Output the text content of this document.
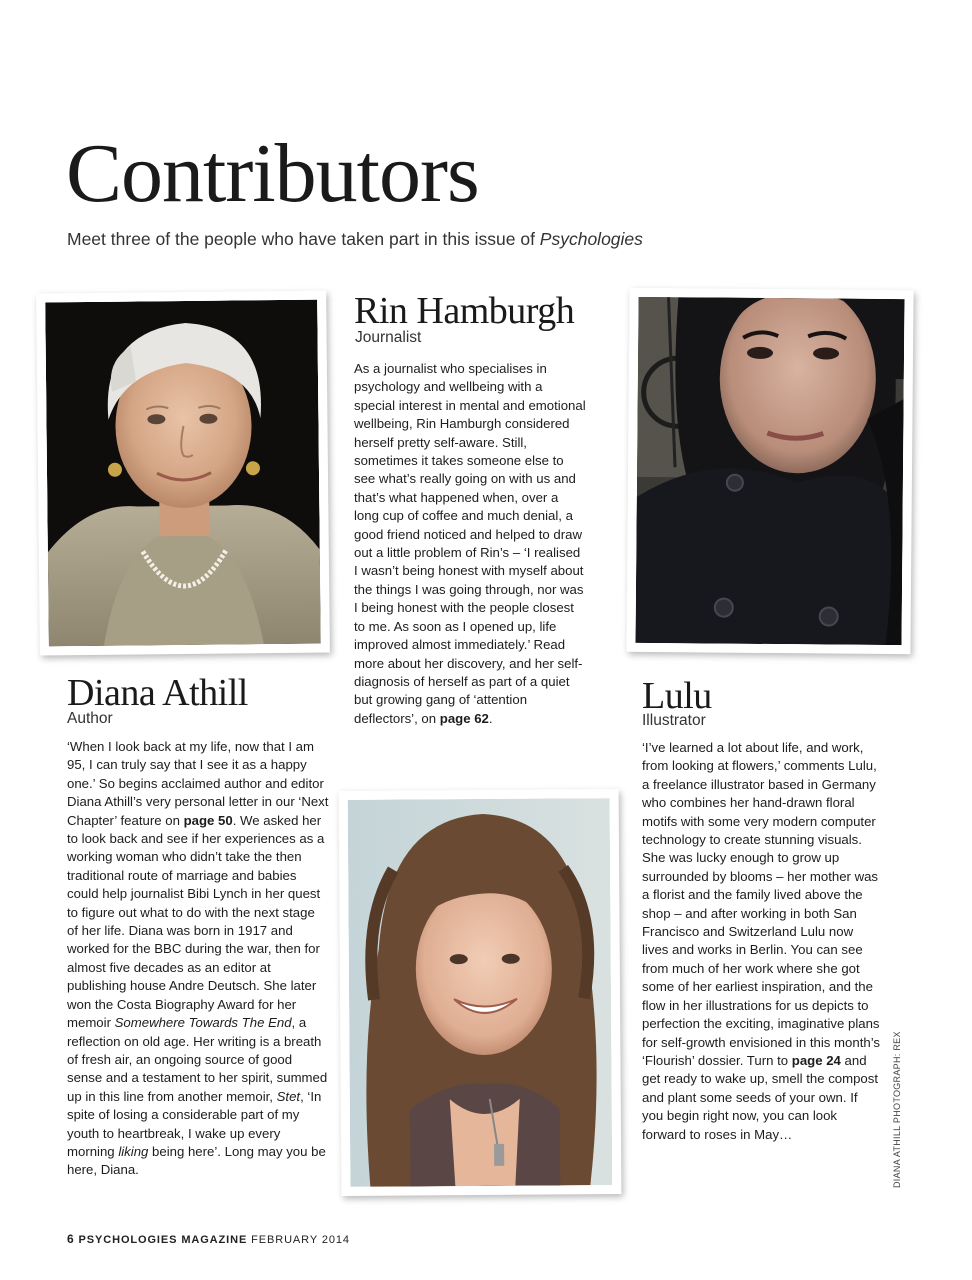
Contributors

Meet three of the people who have taken part in this issue of Psychologies

Rin Hamburgh

Journalist

As a journalist who specialises in psychology and wellbeing with a special interest in mental and emotional wellbeing, Rin Hamburgh considered herself pretty self-aware. Still, sometimes it takes someone else to see what’s really going on with us and that’s what happened when, over a long cup of coffee and much denial, a good friend noticed and helped to draw out a little problem of Rin’s – ‘I realised I wasn’t being honest with myself about the things I was going through, nor was I being honest with the people closest to me. As soon as I opened up, life improved almost immediately.’ Read more about her discovery, and her self-diagnosis of herself as part of a quiet but growing gang of ‘attention deflectors’, on page 62.

Diana Athill

Author

‘When I look back at my life, now that I am 95, I can truly say that I see it as a happy one.’ So begins acclaimed author and editor Diana Athill’s very personal letter in our ‘Next Chapter’ feature on page 50. We asked her to look back and see if her experiences as a working woman who didn’t take the then traditional route of marriage and babies could help journalist Bibi Lynch in her quest to figure out what to do with the next stage of her life. Diana was born in 1917 and worked for the BBC during the war, then for almost five decades as an editor at publishing house Andre Deutsch. She later won the Costa Biography Award for her memoir Somewhere Towards The End, a reflection on old age. Her writing is a breath of fresh air, an ongoing source of good sense and a testament to her spirit, summed up in this line from another memoir, Stet, ‘In spite of losing a considerable part of my youth to heartbreak, I wake up every morning liking being here’. Long may you be here, Diana.

Lulu

Illustrator

‘I’ve learned a lot about life, and work, from looking at flowers,’ comments Lulu, a freelance illustrator based in Germany who combines her hand-drawn floral motifs with some very modern computer technology to create stunning visuals. She was lucky enough to grow up surrounded by blooms – her mother was a florist and the family lived above the shop – and after working in both San Francisco and Switzerland Lulu now lives and works in Berlin. You can see from much of her work where she got some of her earliest inspiration, and the flow in her illustrations for us depicts to perfection the exciting, imaginative plans for self-growth envisioned in this month’s ‘Flourish’ dossier. Turn to page 24 and get ready to wake up, smell the compost and plant some seeds of your own. If you begin right now, you can look forward to roses in May…	DIANA ATHILL PHOTOGRAPH: REX
6 PSYCHOLOGIES MAGAZINE FEBRUARY 2014
